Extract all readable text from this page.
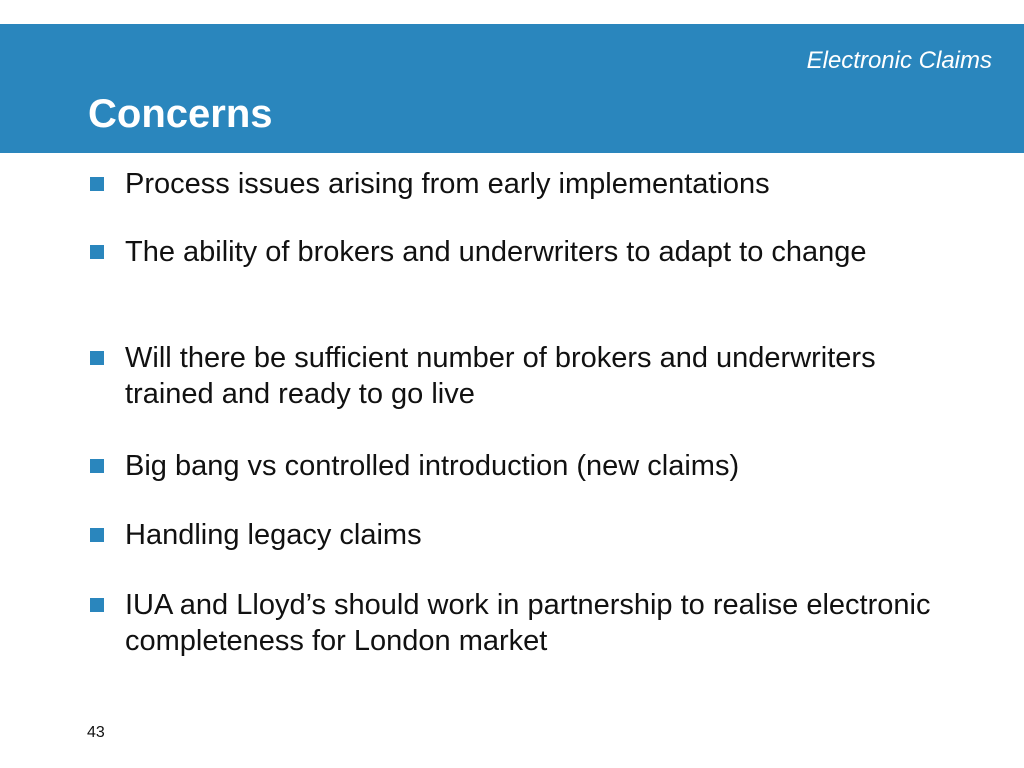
Electronic Claims
Concerns
Process issues arising from early implementations
The ability of brokers and underwriters to adapt to change
Will there be sufficient number of brokers and underwriters trained and ready to go live
Big bang vs controlled introduction (new claims)
Handling legacy claims
IUA and Lloyd’s should work in partnership to realise electronic completeness for London market
43
